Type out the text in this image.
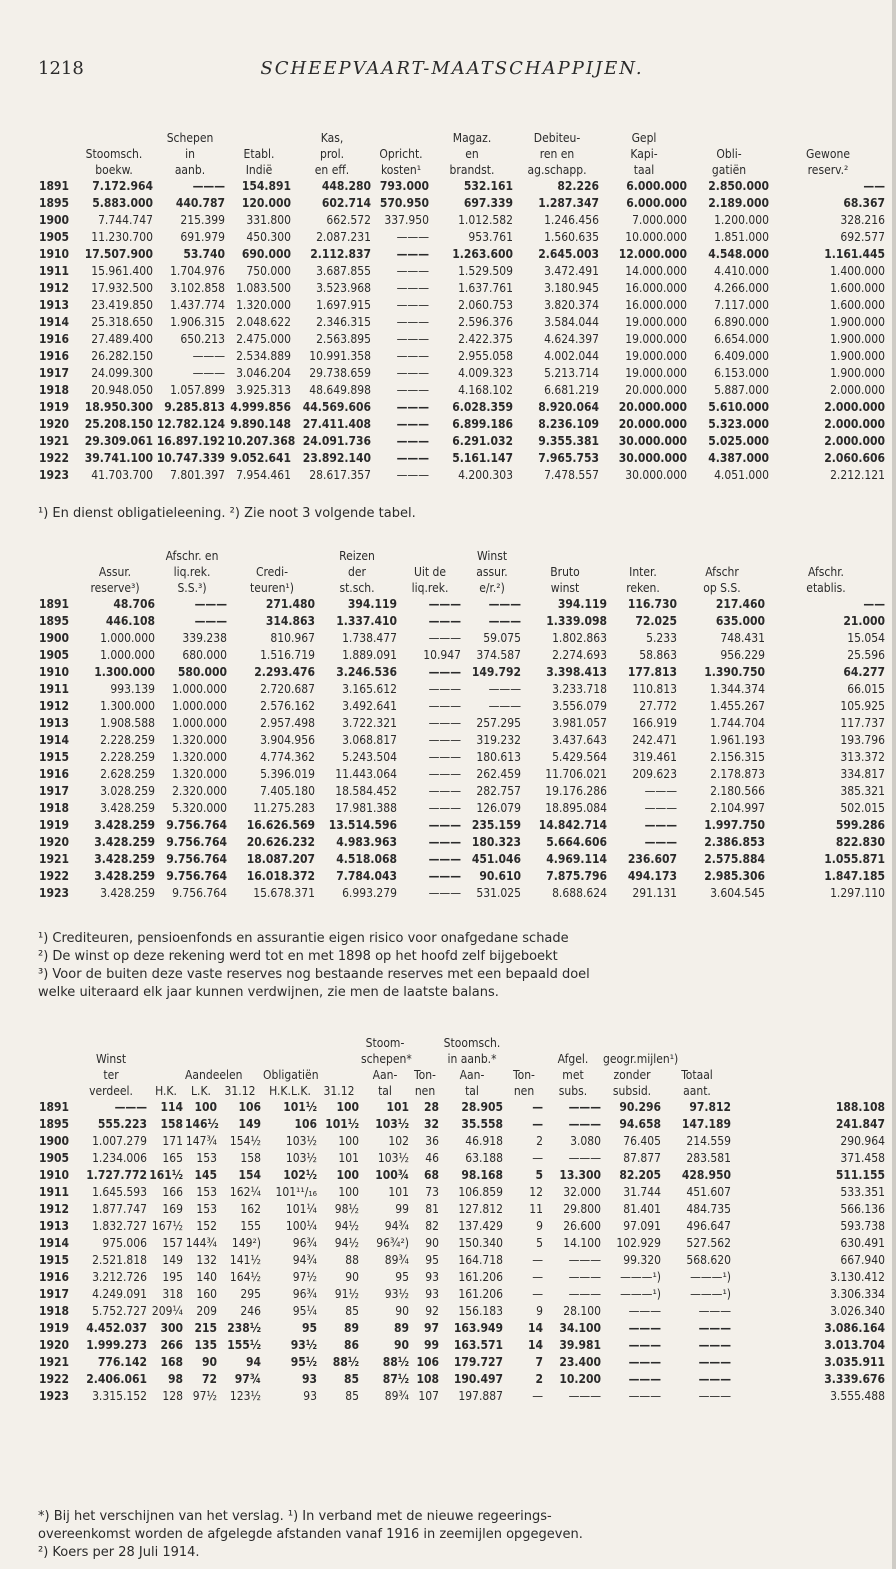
1218	SCHEEPVAART-MAATSCHAPPIJEN.
		Schepen		Kas,		Magaz.	Debiteu-	Gepl		
	Stoomsch.	in	Etabl.	prol.	Opricht.	en	ren en	Kapi-	Obli-	Gewone
	boekw.	aanb.	Indië	en eff.	kosten¹	brandst.	ag.schapp.	taal	gatiën	reserv.²
1891	7.172.964	———	154.891	448.280	793.000	532.161	82.226	6.000.000	2.850.000	——
1895	5.883.000	440.787	120.000	602.714	570.950	697.339	1.287.347	6.000.000	2.189.000	68.367
1900	7.744.747	215.399	331.800	662.572	337.950	1.012.582	1.246.456	7.000.000	1.200.000	328.216
1905	11.230.700	691.979	450.300	2.087.231	———	953.761	1.560.635	10.000.000	1.851.000	692.577
1910	17.507.900	53.740	690.000	2.112.837	———	1.263.600	2.645.003	12.000.000	4.548.000	1.161.445
1911	15.961.400	1.704.976	750.000	3.687.855	———	1.529.509	3.472.491	14.000.000	4.410.000	1.400.000
1912	17.932.500	3.102.858	1.083.500	3.523.968	———	1.637.761	3.180.945	16.000.000	4.266.000	1.600.000
1913	23.419.850	1.437.774	1.320.000	1.697.915	———	2.060.753	3.820.374	16.000.000	7.117.000	1.600.000
1914	25.318.650	1.906.315	2.048.622	2.346.315	———	2.596.376	3.584.044	19.000.000	6.890.000	1.900.000
1916	27.489.400	650.213	2.475.000	2.563.895	———	2.422.375	4.624.397	19.000.000	6.654.000	1.900.000
1916	26.282.150	———	2.534.889	10.991.358	———	2.955.058	4.002.044	19.000.000	6.409.000	1.900.000
1917	24.099.300	———	3.046.204	29.738.659	———	4.009.323	5.213.714	19.000.000	6.153.000	1.900.000
1918	20.948.050	1.057.899	3.925.313	48.649.898	———	4.168.102	6.681.219	20.000.000	5.887.000	2.000.000
1919	18.950.300	9.285.813	4.999.856	44.569.606	———	6.028.359	8.920.064	20.000.000	5.610.000	2.000.000
1920	25.208.150	12.782.124	9.890.148	27.411.408	———	6.899.186	8.236.109	20.000.000	5.323.000	2.000.000
1921	29.309.061	16.897.192	10.207.368	24.091.736	———	6.291.032	9.355.381	30.000.000	5.025.000	2.000.000
1922	39.741.100	10.747.339	9.052.641	23.892.140	———	5.161.147	7.965.753	30.000.000	4.387.000	2.060.606
1923	41.703.700	7.801.397	7.954.461	28.617.357	———	4.200.303	7.478.557	30.000.000	4.051.000	2.212.121
¹) En dienst obligatieleening. ²) Zie noot 3 volgende tabel.
		Afschr. en		Reizen		Winst				
	Assur.	liq.rek.	Credi-	der	Uit de	assur.	Bruto	Inter.	Afschr	Afschr.
	reserve³)	S.S.³)	teuren¹)	st.sch.	liq.rek.	e/r.²)	winst	reken.	op S.S.	etablis.
1891	48.706	———	271.480	394.119	———	———	394.119	116.730	217.460	——
1895	446.108	———	314.863	1.337.410	———	———	1.339.098	72.025	635.000	21.000
1900	1.000.000	339.238	810.967	1.738.477	———	59.075	1.802.863	5.233	748.431	15.054
1905	1.000.000	680.000	1.516.719	1.889.091	10.947	374.587	2.274.693	58.863	956.229	25.596
1910	1.300.000	580.000	2.293.476	3.246.536	———	149.792	3.398.413	177.813	1.390.750	64.277
1911	993.139	1.000.000	2.720.687	3.165.612	———	———	3.233.718	110.813	1.344.374	66.015
1912	1.300.000	1.000.000	2.576.162	3.492.641	———	———	3.556.079	27.772	1.455.267	105.925
1913	1.908.588	1.000.000	2.957.498	3.722.321	———	257.295	3.981.057	166.919	1.744.704	117.737
1914	2.228.259	1.320.000	3.904.956	3.068.817	———	319.232	3.437.643	242.471	1.961.193	193.796
1915	2.228.259	1.320.000	4.774.362	5.243.504	———	180.613	5.429.564	319.461	2.156.315	313.372
1916	2.628.259	1.320.000	5.396.019	11.443.064	———	262.459	11.706.021	209.623	2.178.873	334.817
1917	3.028.259	2.320.000	7.405.180	18.584.452	———	282.757	19.176.286	———	2.180.566	385.321
1918	3.428.259	5.320.000	11.275.283	17.981.388	———	126.079	18.895.084	———	2.104.997	502.015
1919	3.428.259	9.756.764	16.626.569	13.514.596	———	235.159	14.842.714	———	1.997.750	599.286
1920	3.428.259	9.756.764	20.626.232	4.983.963	———	180.323	5.664.606	———	2.386.853	822.830
1921	3.428.259	9.756.764	18.087.207	4.518.068	———	451.046	4.969.114	236.607	2.575.884	1.055.871
1922	3.428.259	9.756.764	16.018.372	7.784.043	———	90.610	7.875.796	494.173	2.985.306	1.847.185
1923	3.428.259	9.756.764	15.678.371	6.993.279	———	531.025	8.688.624	291.131	3.604.545	1.297.110
¹) Crediteuren, pensioenfonds en assurantie eigen risico voor onafgedane schade
²) De winst op deze rekening werd tot en met 1898 op het hoofd zelf bijgeboekt
³) Voor de buiten deze vaste reserves nog bestaande reserves met een bepaald doel
welke uiteraard elk jaar kunnen verdwijnen, zie men de laatste balans.
							Stoom-		Stoomsch.					
	Winst						schepen*		in aanb.*		Afgel.	geogr.mijlen¹)		
	ter		Aandeelen		Obligatiën		Aan-	Ton-	Aan-	Ton-	met	zonder	Totaal	
	verdeel.	H.K.	L.K.	31.12	H.K.L.K.	31.12	tal	nen	tal	nen	subs.	subsid.	aant.	
1891	———	114	100	106	101½	100	101	28	28.905	—	———	90.296	97.812	188.108
1895	555.223	158	146½	149	106	101½	103½	32	35.558	—	———	94.658	147.189	241.847
1900	1.007.279	171	147¾	154½	103½	100	102	36	46.918	2	3.080	76.405	214.559	290.964
1905	1.234.006	165	153	158	103½	101	103½	46	63.188	—	———	87.877	283.581	371.458
1910	1.727.772	161½	145	154	102½	100	100¾	68	98.168	5	13.300	82.205	428.950	511.155
1911	1.645.593	166	153	162¼	101¹¹/₁₆	100	101	73	106.859	12	32.000	31.744	451.607	533.351
1912	1.877.747	169	153	162	101¼	98½	99	81	127.812	11	29.800	81.401	484.735	566.136
1913	1.832.727	167½	152	155	100¼	94½	94¾	82	137.429	9	26.600	97.091	496.647	593.738
1914	975.006	157	144¾	149²)	96¾	94½	96¾²)	90	150.340	5	14.100	102.929	527.562	630.491
1915	2.521.818	149	132	141½	94¾	88	89¾	95	164.718	—	———	99.320	568.620	667.940
1916	3.212.726	195	140	164½	97½	90	95	93	161.206	—	———	———¹)	———¹)	3.130.412
1917	4.249.091	318	160	295	96¾	91½	93½	93	161.206	—	———	———¹)	———¹)	3.306.334
1918	5.752.727	209¼	209	246	95¼	85	90	92	156.183	9	28.100	———	———	3.026.340
1919	4.452.037	300	215	238½	95	89	89	97	163.949	14	34.100	———	———	3.086.164
1920	1.999.273	266	135	155½	93½	86	90	99	163.571	14	39.981	———	———	3.013.704
1921	776.142	168	90	94	95½	88½	88½	106	179.727	7	23.400	———	———	3.035.911
1922	2.406.061	98	72	97¾	93	85	87½	108	190.497	2	10.200	———	———	3.339.676
1923	3.315.152	128	97½	123½	93	85	89¾	107	197.887	—	———	———	———	3.555.488
*) Bij het verschijnen van het verslag. ¹) In verband met de nieuwe regeerings-
overeenkomst worden de afgelegde afstanden vanaf 1916 in zeemijlen opgegeven.
²) Koers per 28 Juli 1914.
